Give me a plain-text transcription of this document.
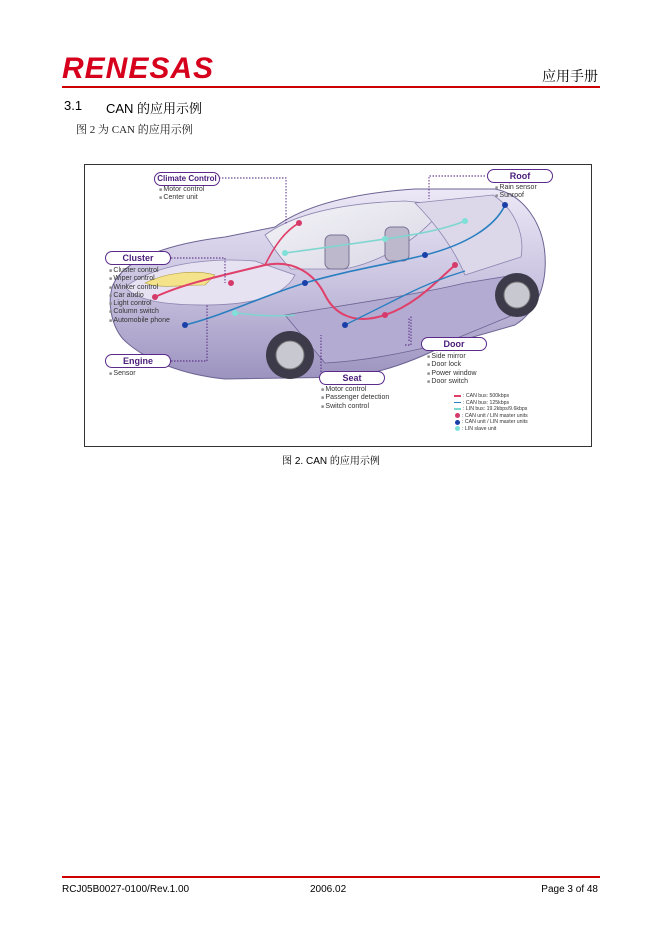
RENESAS	应用手册
3.1 CAN 的应用示例
图 2 为 CAN 的应用示例
Climate Control
■ Motor control
■ Center unit
Roof
■ Rain sensor
■ Sunroof
Cluster
■ Cluster control
■ Wiper control
■ Winker control
■ Car audio
■ Light control
■ Column switch
■ Automobile phone
Engine
■ Sensor
Door
■ Side mirror
■ Door lock
■ Power window
■ Door switch
Seat
■ Motor control
■ Passenger detection
■ Switch control
: CAN bus: 500kbps
: CAN bus: 125kbps
: LIN bus: 19.2kbps/9.6kbps
: CAN unit / LIN master units
: CAN unit / LIN master units
: LIN slave unit
图 2. CAN 的应用示例
RCJ05B0027-0100/Rev.1.00	2006.02	Page 3 of 48
